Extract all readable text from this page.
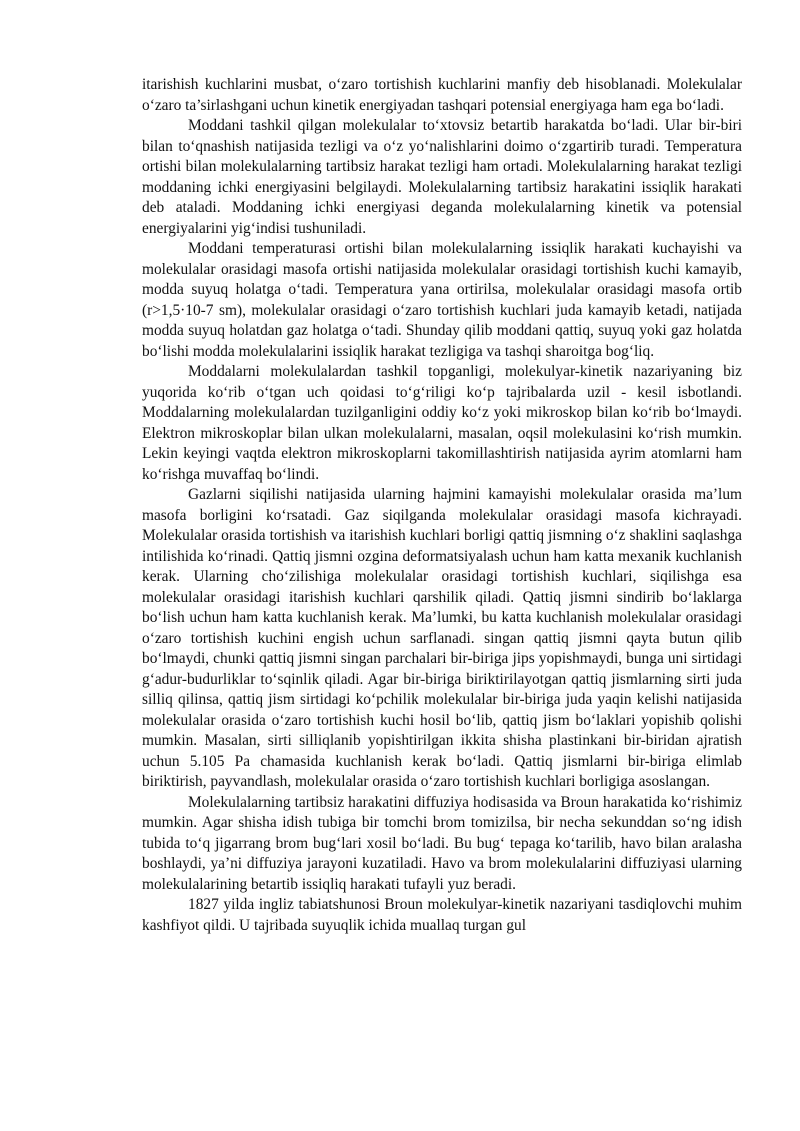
itarishish kuchlarini musbat, o‘zaro tortishish kuchlarini manfiy deb hisoblanadi. Molekulalar o‘zaro ta’sirlashgani uchun kinetik energiyadan tashqari potensial energiyaga ham ega bo‘ladi.

Moddani tashkil qilgan molekulalar to‘xtovsiz betartib harakatda bo‘ladi. Ular bir-biri bilan to‘qnashish natijasida tezligi va o‘z yo‘nalishlarini doimo o‘zgartirib turadi. Temperatura ortishi bilan molekulalarning tartibsiz harakat tezligi ham ortadi. Molekulalarning harakat tezligi moddaning ichki energiyasini belgilaydi. Molekulalarning tartibsiz harakatini issiqlik harakati deb ataladi. Moddaning ichki energiyasi deganda molekulalarning kinetik va potensial energiyalarini yig‘indisi tushuniladi.

Moddani temperaturasi ortishi bilan molekulalarning issiqlik harakati kuchayishi va molekulalar orasidagi masofa ortishi natijasida molekulalar orasidagi tortishish kuchi kamayib, modda suyuq holatga o‘tadi. Temperatura yana ortirilsa, molekulalar orasidagi masofa ortib (r>1,5·10-7 sm), molekulalar orasidagi o‘zaro tortishish kuchlari juda kamayib ketadi, natijada modda suyuq holatdan gaz holatga o‘tadi. Shunday qilib moddani qattiq, suyuq yoki gaz holatda bo‘lishi modda molekulalarini issiqlik harakat tezligiga va tashqi sharoitga bog‘liq.

Moddalarni molekulalardan tashkil topganligi, molekulyar-kinetik nazariyaning biz yuqorida ko‘rib o‘tgan uch qoidasi to‘g‘riligi ko‘p tajribalarda uzil - kesil isbotlandi. Moddalarning molekulalardan tuzilganligini oddiy ko‘z yoki mikroskop bilan ko‘rib bo‘lmaydi. Elektron mikroskoplar bilan ulkan molekulalarni, masalan, oqsil molekulasini ko‘rish mumkin. Lekin keyingi vaqtda elektron mikroskoplarni takomillashtirish natijasida ayrim atomlarni ham ko‘rishga muvaffaq bo‘lindi.

Gazlarni siqilishi natijasida ularning hajmini kamayishi molekulalar orasida ma’lum masofa borligini ko‘rsatadi. Gaz siqilganda molekulalar orasidagi masofa kichrayadi. Molekulalar orasida tortishish va itarishish kuchlari borligi qattiq jismning o‘z shaklini saqlashga intilishida ko‘rinadi. Qattiq jismni ozgina deformatsiyalash uchun ham katta mexanik kuchlanish kerak. Ularning cho‘zilishiga molekulalar orasidagi tortishish kuchlari, siqilishga esa molekulalar orasidagi itarishish kuchlari qarshilik qiladi. Qattiq jismni sindirib bo‘laklarga bo‘lish uchun ham katta kuchlanish kerak. Ma’lumki, bu katta kuchlanish molekulalar orasidagi o‘zaro tortishish kuchini engish uchun sarflanadi. singan qattiq jismni qayta butun qilib bo‘lmaydi, chunki qattiq jismni singan parchalari bir-biriga jips yopishmaydi, bunga uni sirtidagi g‘adur-budurliklar to‘sqinlik qiladi. Agar bir-biriga biriktirilayotgan qattiq jismlarning sirti juda silliq qilinsa, qattiq jism sirtidagi ko‘pchilik molekulalar bir-biriga juda yaqin kelishi natijasida molekulalar orasida o‘zaro tortishish kuchi hosil bo‘lib, qattiq jism bo‘laklari yopishib qolishi mumkin. Masalan, sirti silliqlanib yopishtirilgan ikkita shisha plastinkani bir-biridan ajratish uchun 5.105 Pa chamasida kuchlanish kerak bo‘ladi. Qattiq jismlarni bir-biriga elimlab biriktirish, payvandlash, molekulalar orasida o‘zaro tortishish kuchlari borligiga asoslangan.

Molekulalarning tartibsiz harakatini diffuziya hodisasida va Broun harakatida ko‘rishimiz mumkin. Agar shisha idish tubiga bir tomchi brom tomizilsa, bir necha sekunddan so‘ng idish tubida to‘q jigarrang brom bug‘lari xosil bo‘ladi. Bu bug‘ tepaga ko‘tarilib, havo bilan aralasha boshlaydi, ya’ni diffuziya jarayoni kuzatiladi. Havo va brom molekulalarini diffuziyasi ularning molekulalarining betartib issiqliq harakati tufayli yuz beradi.

1827 yilda ingliz tabiatshunosi Broun molekulyar-kinetik nazariyani tasdiqlovchi muhim kashfiyot qildi. U tajribada suyuqlik ichida muallaq turgan gul
